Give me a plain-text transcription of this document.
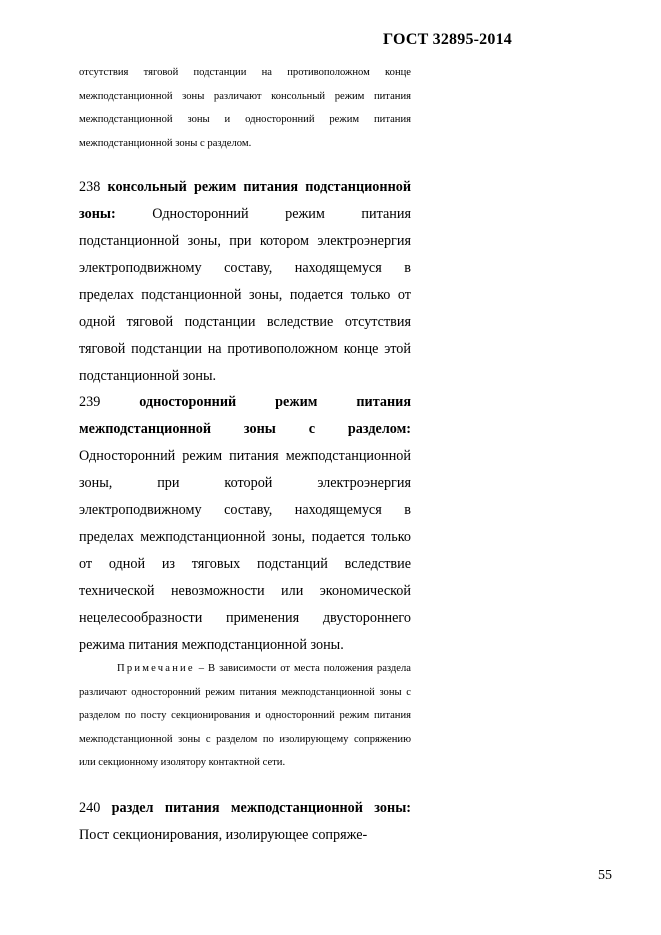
ГОСТ 32895-2014

отсутствия тяговой подстанции на противоположном конце межподстанционной зоны различают консольный режим питания межподстанционной зоны и односторонний режим питания межподстанционной зоны с разделом.

238 консольный режим питания подстанционной зоны:	Односторонний режим питания подстанционной зоны, при котором электроэнергия электроподвижному составу, находящемуся в пределах подстанционной зоны, подается только от одной тяговой подстанции вследствие отсутствия тяговой подстанции на противоположном конце этой подстанционной зоны.

239	односторонний режим питания межподстанционной зоны с разделом: Односторонний режим питания межподстанционной зоны, при которой электроэнергия электроподвижному составу, находящемуся в пределах межподстанционной зоны, подается только от одной из тяговых подстанций вследствие технической невозможности или экономической нецелесообразности применения двустороннего режима питания межподстанционной зоны.

Примечание – В зависимости от места положения раздела различают односторонний режим питания межподстанционной зоны с разделом по посту секционирования и односторонний режим питания межподстанционной зоны с разделом по изолирующему сопряжению или секционному изолятору контактной сети.

240 раздел питания межподстанционной зоны: Пост секционирования, изолирующее сопряже-

55
